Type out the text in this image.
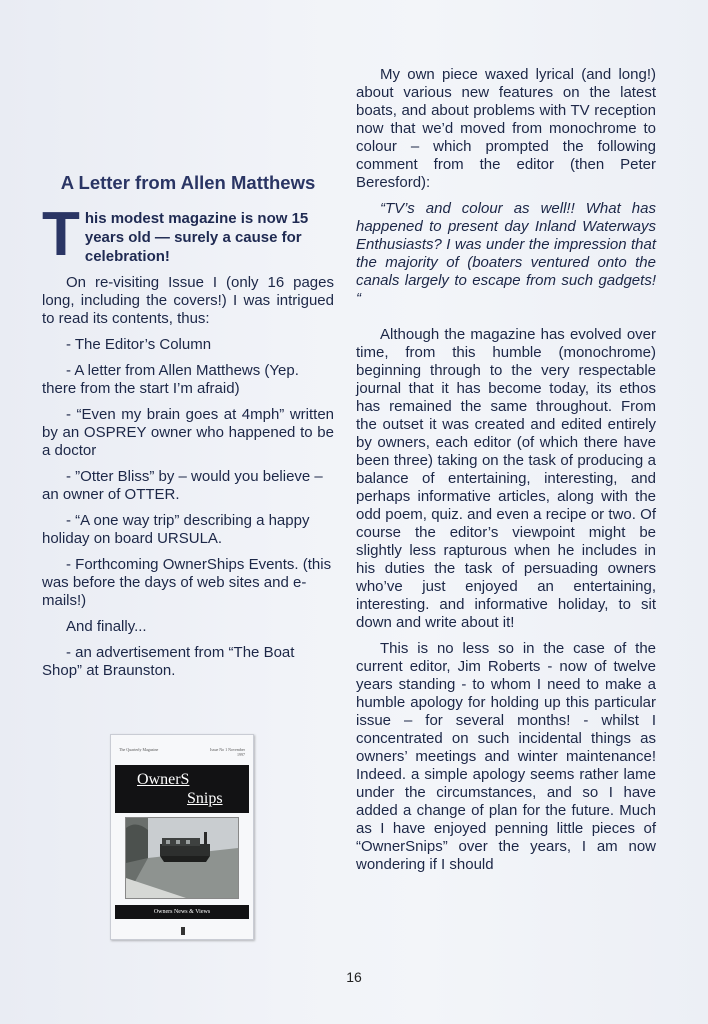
A Letter from Allen Matthews
T his modest magazine is now 15 years old — surely a cause for celebration!

On re-visiting Issue I (only 16 pages long, including the covers!) I was intrigued to read its contents, thus:

- The Editor’s Column

- A letter from Allen Matthews (Yep. there from the start I’m afraid)

- “Even my brain goes at 4mph” written by an OSPREY owner who happened to be a doctor

- ”Otter Bliss” by – would you believe – an owner of OTTER.

- “A one way trip” describing a happy holiday on board URSULA.

- Forthcoming OwnerShips Events. (this was before the days of web sites and e-mails!)

And finally...

- an advertisement from “The Boat Shop” at Braunston.

The Quarterly Magazine	Issue No 1 November 1997
OwnerS
Snips
Owners News & Views

My own piece waxed lyrical (and long!) about various new features on the latest boats, and about problems with TV reception now that we’d moved from monochrome to colour – which prompted the following comment from the editor (then Peter Beresford):

“TV’s and colour as well!! What has happened to present day Inland Waterways Enthusiasts? I was under the impression that the majority of (boaters ventured onto the canals largely to escape from such gadgets! “

Although the magazine has evolved over time, from this humble (monochrome) beginning through to the very respectable journal that it has become today, its ethos has remained the same throughout. From the outset it was created and edited entirely by owners, each editor (of which there have been three) taking on the task of producing a balance of entertaining, interesting, and perhaps informative articles, along with the odd poem, quiz. and even a recipe or two. Of course the editor’s viewpoint might be slightly less rapturous when he includes in his duties the task of persuading owners who’ve just enjoyed an entertaining, interesting. and informative holiday, to sit down and write about it!

This is no less so in the case of the current editor, Jim Roberts - now of twelve years standing - to whom I need to make a humble apology for holding up this particular issue – for several months! - whilst I concentrated on such incidental things as owners’ meetings and winter maintenance! Indeed. a simple apology seems rather lame under the circumstances, and so I have added a change of plan for the future. Much as I have enjoyed penning little pieces of “OwnerSnips” over the years, I am now wondering if I should

16
